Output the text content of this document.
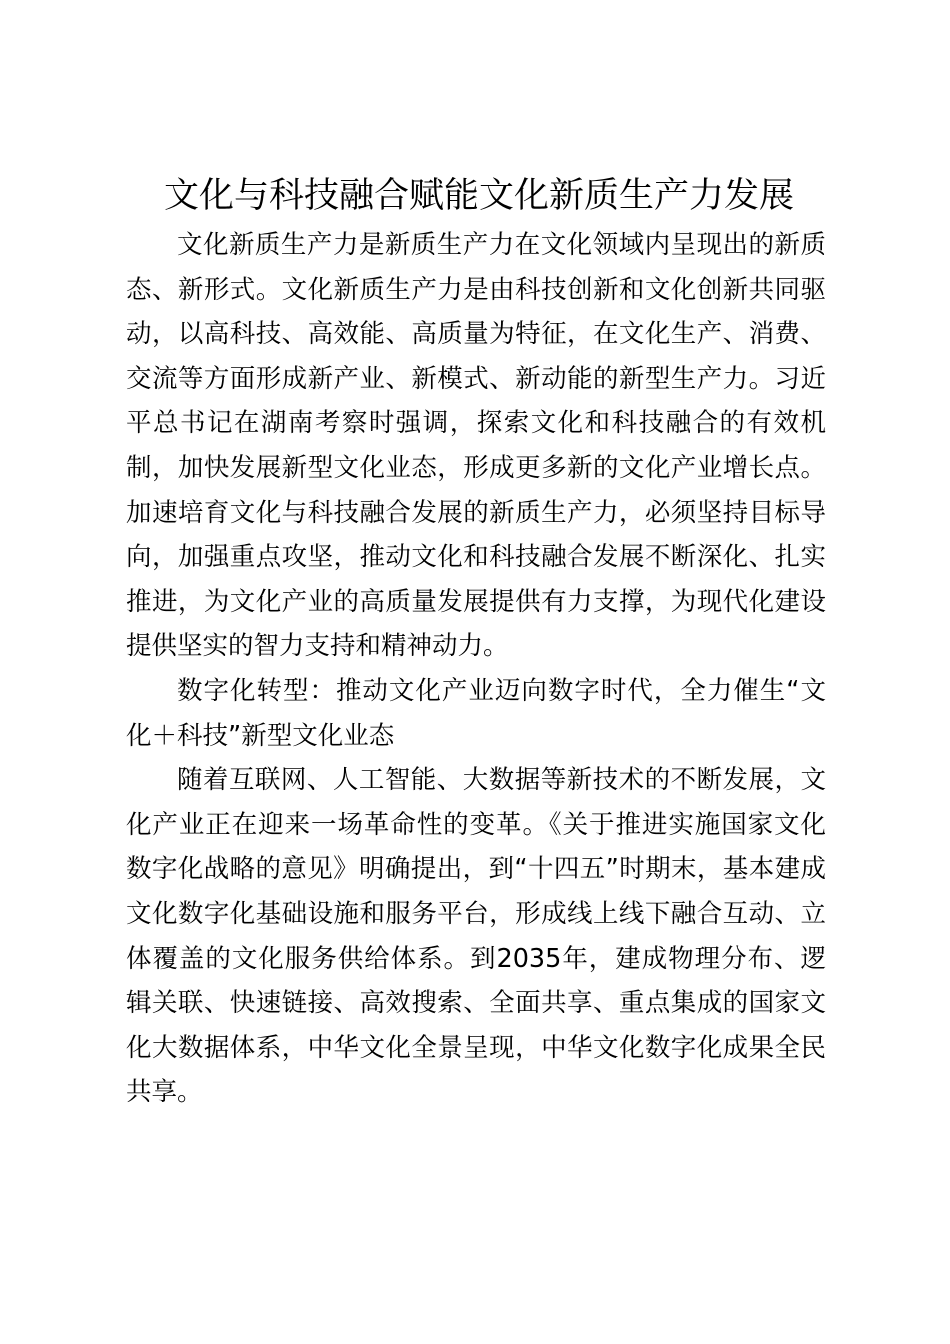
文化与科技融合赋能文化新质生产力发展

文化新质生产力是新质生产力在文化领域内呈现出的新质态、新形式。文化新质生产力是由科技创新和文化创新共同驱动，以高科技、高效能、高质量为特征，在文化生产、消费、交流等方面形成新产业、新模式、新动能的新型生产力。习近平总书记在湖南考察时强调，探索文化和科技融合的有效机制，加快发展新型文化业态，形成更多新的文化产业增长点。加速培育文化与科技融合发展的新质生产力，必须坚持目标导向，加强重点攻坚，推动文化和科技融合发展不断深化、扎实推进，为文化产业的高质量发展提供有力支撑，为现代化建设提供坚实的智力支持和精神动力。

数字化转型：推动文化产业迈向数字时代，全力催生“文化＋科技”新型文化业态

随着互联网、人工智能、大数据等新技术的不断发展，文化产业正在迎来一场革命性的变革。《关于推进实施国家文化数字化战略的意见》明确提出，到“十四五”时期末，基本建成文化数字化基础设施和服务平台，形成线上线下融合互动、立体覆盖的文化服务供给体系。到2035年，建成物理分布、逻辑关联、快速链接、高效搜索、全面共享、重点集成的国家文化大数据体系，中华文化全景呈现，中华文化数字化成果全民共享。
